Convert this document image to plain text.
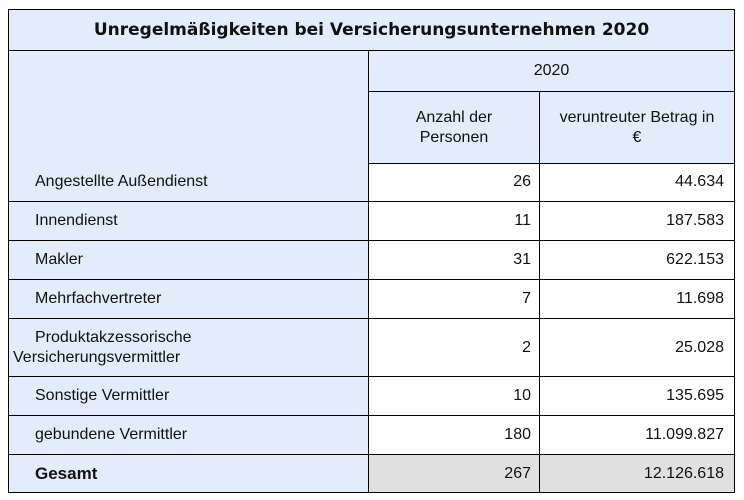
Unregelmäßigkeiten bei Versicherungsunternehmen 2020
2020
Anzahl der
Personen
veruntreuter Betrag in
€
Angestellte Außendienst	26	44.634
Innendienst	11	187.583
Makler	31	622.153
Mehrfachvertreter	7	11.698
Produktakzessorische
Versicherungsvermittler
2	25.028
Sonstige Vermittler	10	135.695
gebundene Vermittler	180	11.099.827
Gesamt	267	12.126.618
